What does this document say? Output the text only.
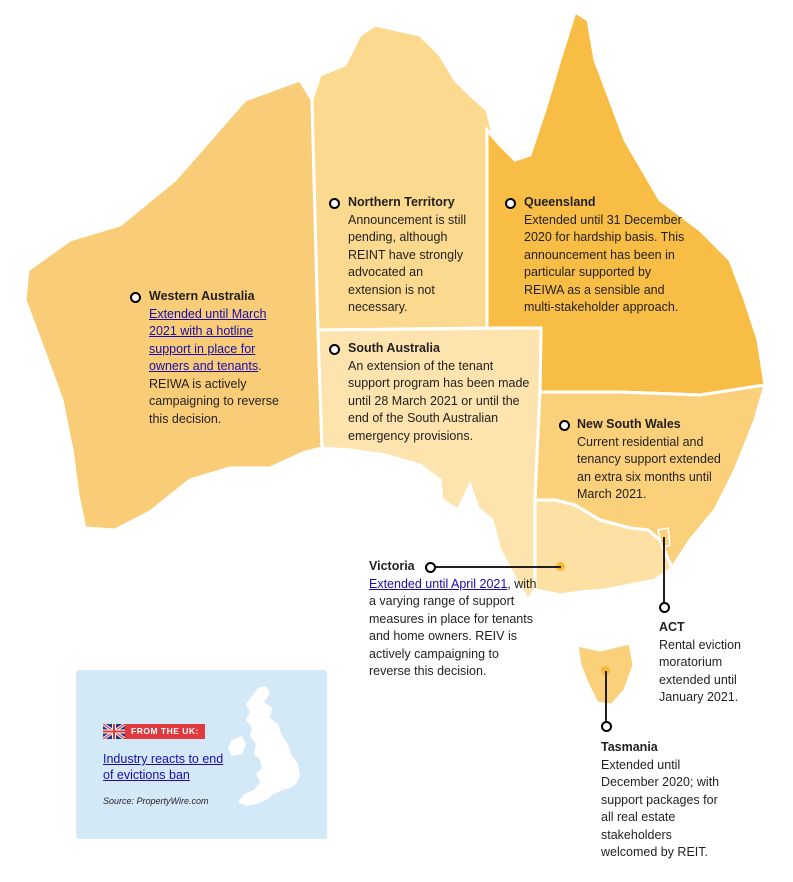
Western Australia
Extended until March 2021 with a hotline support in place for owners and tenants. REIWA is actively campaigning to reverse this decision.
Northern Territory
Announcement is still pending, although REINT have strongly advocated an extension is not necessary.
Queensland
Extended until 31 December 2020 for hardship basis. This announcement has been in particular supported by REIWA as a sensible and multi-stakeholder approach.
South Australia
An extension of the tenant support program has been made until 28 March 2021 or until the end of the South Australian emergency provisions.
New South Wales
Current residential and tenancy support extended an extra six months until March 2021.
Victoria
Extended until April 2021, with a varying range of support measures in place for tenants and home owners. REIV is actively campaigning to reverse this decision.
ACT
Rental eviction moratorium extended until January 2021.
Tasmania
Extended until December 2020; with support packages for all real estate stakeholders welcomed by REIT.
FROM THE UK:
Industry reacts to end of evictions ban
Source: PropertyWire.com
